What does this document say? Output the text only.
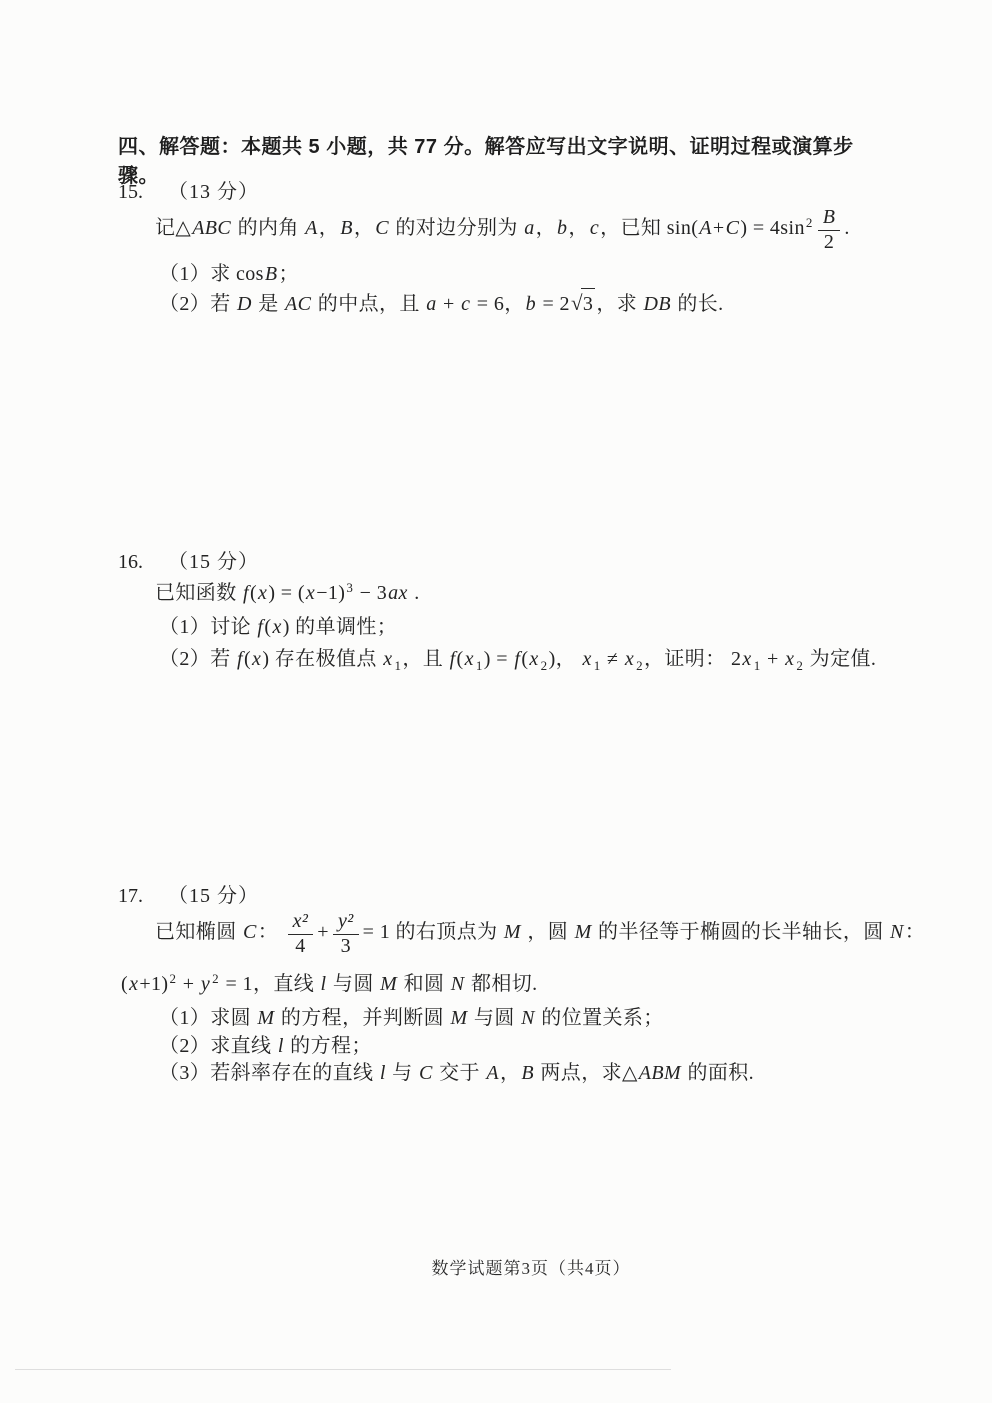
四、解答题：本题共 5 小题，共 77 分。解答应写出文字说明、证明过程或演算步骤。
15. （13 分）
记△ABC 的内角 A，B，C 的对边分别为 a，b，c，已知 $\sin(A+C) = 4\sin^2 \frac{B}{2}$ .
（1）求 cosB；
（2）若 D 是 AC 的中点，且 a + c = 6，b = 2√3 ，求 DB 的长.
16. （15 分）
已知函数 $f(x) = (x-1)^3 - 3ax$ .
（1）讨论 f(x) 的单调性；
（2）若 f(x) 存在极值点 x $_1$，且 f(x $_1$) = f(x $_2$)， x $_1$ ≠ x $_2$，证明： 2x $_1$ + x $_2$ 为定值.
17. （15 分）
已知椭圆 C： $\frac{\text{x²}}{4} + \frac{\text{y²}}{3} = 1$ 的右顶点为 M ，圆 M 的半径等于椭圆的长半轴长，圆 N：
$(x+1)^2 + y$ $^2$ = 1，直线 l 与圆 M 和圆 N 都相切.
（1）求圆 M 的方程，并判断圆 M 与圆 N 的位置关系；
（2）求直线 l 的方程；
（3）若斜率存在的直线 l 与 C 交于 A，B 两点，求△ABM 的面积.
数学试题第3页（共4页）
